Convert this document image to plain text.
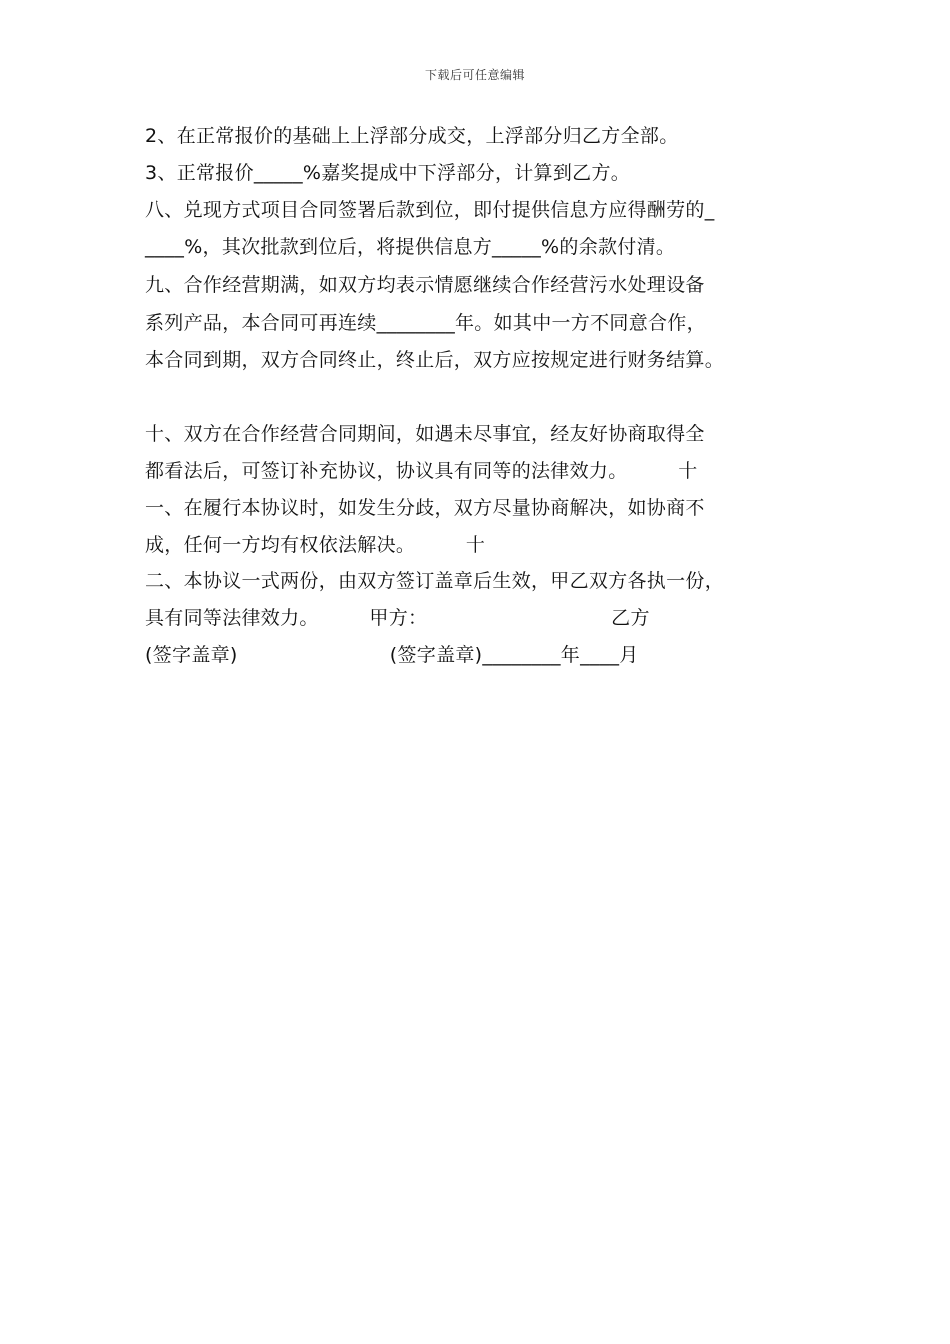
下载后可任意编辑
2、在正常报价的基础上上浮部分成交，上浮部分归乙方全部。
3、正常报价_____%嘉奖提成中下浮部分，计算到乙方。
八、兑现方式项目合同签署后款到位，即付提供信息方应得酬劳的_
____%，其次批款到位后，将提供信息方_____%的余款付清。
九、合作经营期满，如双方均表示情愿继续合作经营污水处理设备
系列产品，本合同可再连续________年。如其中一方不同意合作，
本合同到期，双方合同终止，终止后，双方应按规定进行财务结算。
十、双方在合作经营合同期间，如遇未尽事宜，经友好协商取得全
都看法后，可签订补充协议，协议具有同等的法律效力。        十
一、在履行本协议时，如发生分歧，双方尽量协商解决，如协商不
成，任何一方均有权依法解决。        十
二、本协议一式两份，由双方签订盖章后生效，甲乙双方各执一份，
具有同等法律效力。        甲方：                             乙方
(签字盖章)                        (签字盖章)________年____月
